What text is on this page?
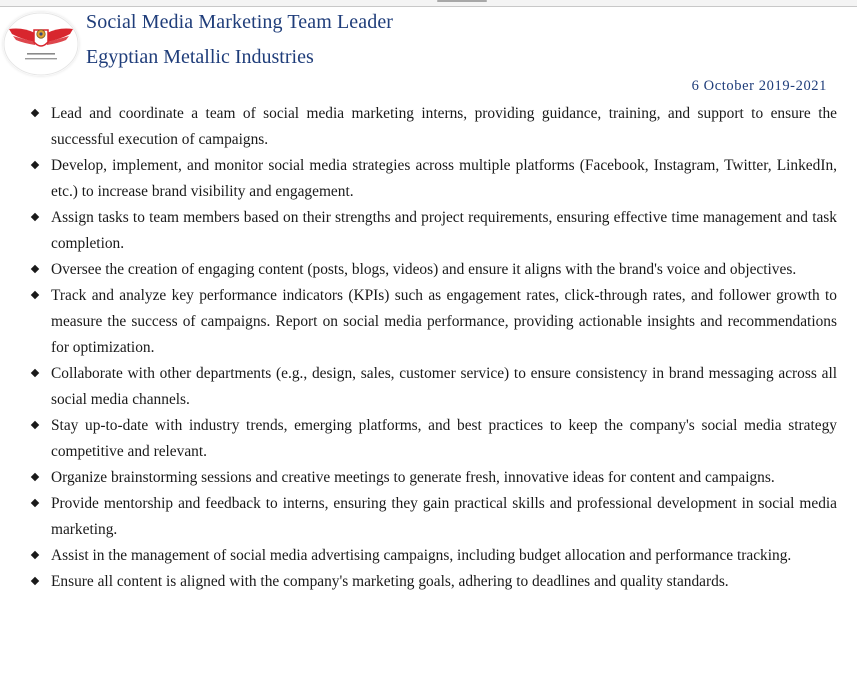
Social Media Marketing Team Leader
Egyptian Metallic Industries
6 October 2019-2021
Lead and coordinate a team of social media marketing interns, providing guidance, training, and support to ensure the successful execution of campaigns.
Develop, implement, and monitor social media strategies across multiple platforms (Facebook, Instagram, Twitter, LinkedIn, etc.) to increase brand visibility and engagement.
Assign tasks to team members based on their strengths and project requirements, ensuring effective time management and task completion.
Oversee the creation of engaging content (posts, blogs, videos) and ensure it aligns with the brand's voice and objectives.
Track and analyze key performance indicators (KPIs) such as engagement rates, click-through rates, and follower growth to measure the success of campaigns. Report on social media performance, providing actionable insights and recommendations for optimization.
Collaborate with other departments (e.g., design, sales, customer service) to ensure consistency in brand messaging across all social media channels.
Stay up-to-date with industry trends, emerging platforms, and best practices to keep the company's social media strategy competitive and relevant.
Organize brainstorming sessions and creative meetings to generate fresh, innovative ideas for content and campaigns.
Provide mentorship and feedback to interns, ensuring they gain practical skills and professional development in social media marketing.
Assist in the management of social media advertising campaigns, including budget allocation and performance tracking.
Ensure all content is aligned with the company's marketing goals, adhering to deadlines and quality standards.
